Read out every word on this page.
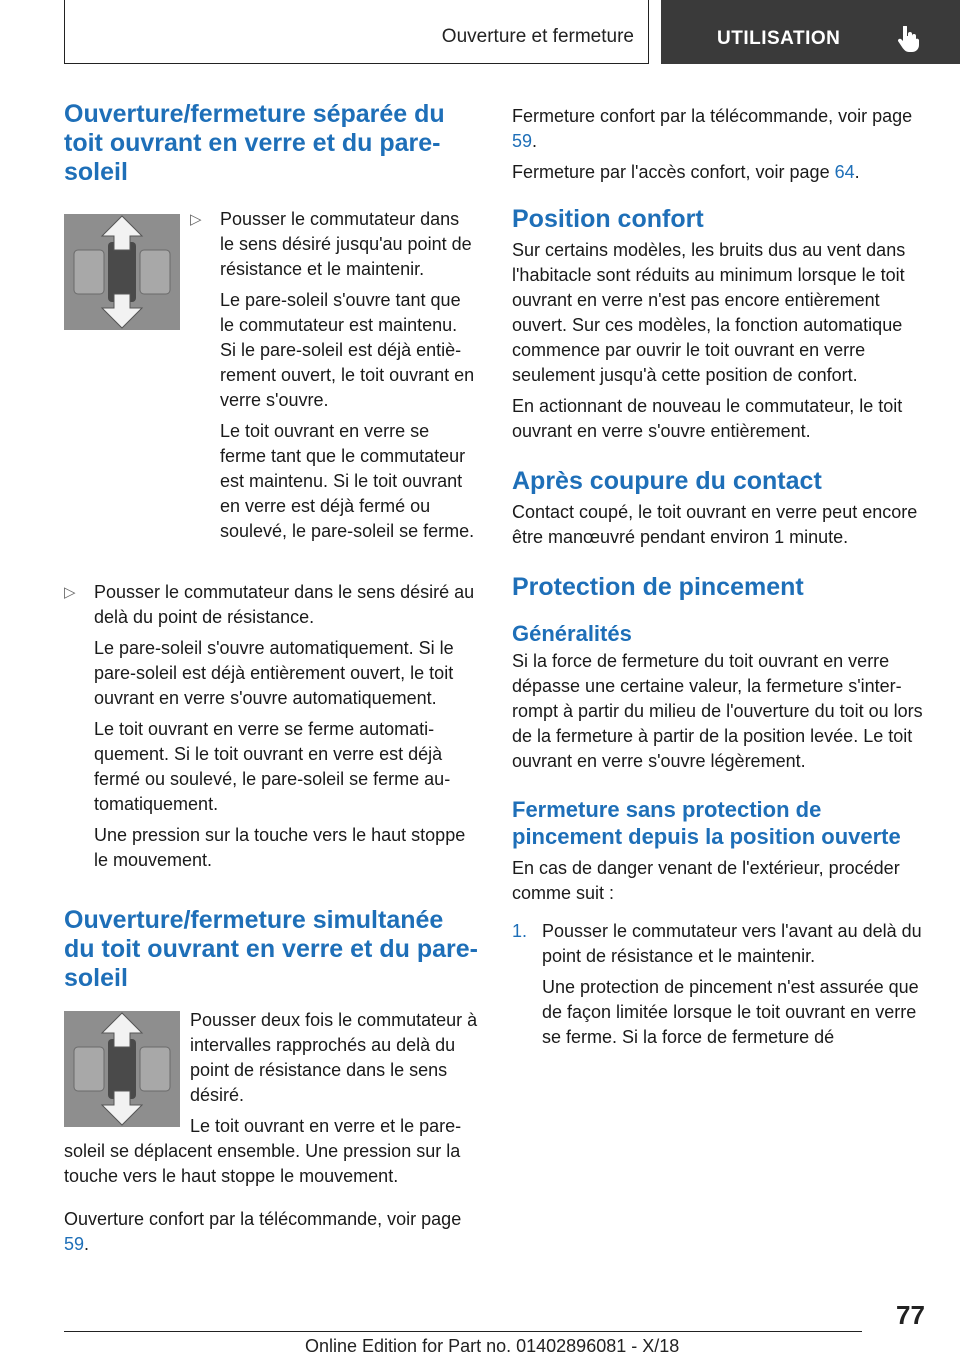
Ouverture et fermeture	UTILISATION
Ouverture/fermeture séparée du toit ouvrant en verre et du pare-soleil
▷ Pousser le commutateur dans le sens désiré jusqu'au point de résistance et le maintenir.

Le pare-soleil s'ouvre tant que le commutateur est maintenu. Si le pare-soleil est déjà entièrement ouvert, le toit ouvrant en verre s'ouvre.

Le toit ouvrant en verre se ferme tant que le commutateur est maintenu. Si le toit ouvrant en verre est déjà fermé ou soulevé, le pare-soleil se ferme.

▷ Pousser le commutateur dans le sens désiré au delà du point de résistance.

Le pare-soleil s'ouvre automatiquement. Si le pare-soleil est déjà entièrement ouvert, le toit ouvrant en verre s'ouvre automatiquement.

Le toit ouvrant en verre se ferme automatiquement. Si le toit ouvrant en verre est déjà fermé ou soulevé, le pare-soleil se ferme automatiquement.

Une pression sur la touche vers le haut stoppe le mouvement.

Ouverture/fermeture simultanée du toit ouvrant en verre et du pare-soleil

Pousser deux fois le commutateur à intervalles rapprochés au delà du point de résistance dans le sens désiré.

Le toit ouvrant en verre et le pare-soleil se déplacent ensemble. Une pression sur la touche vers le haut stoppe le mouvement.

Ouverture confort par la télécommande, voir page 59.

Fermeture confort par la télécommande, voir page 59.

Fermeture par l'accès confort, voir page 64.

Position confort

Sur certains modèles, les bruits dus au vent dans l'habitacle sont réduits au minimum lorsque le toit ouvrant en verre n'est pas encore entièrement ouvert. Sur ces modèles, la fonction automatique commence par ouvrir le toit ouvrant en verre seulement jusqu'à cette position de confort.

En actionnant de nouveau le commutateur, le toit ouvrant en verre s'ouvre entièrement.

Après coupure du contact

Contact coupé, le toit ouvrant en verre peut encore être manœuvré pendant environ 1 minute.

Protection de pincement
Généralités

Si la force de fermeture du toit ouvrant en verre dépasse une certaine valeur, la fermeture s'interrompt à partir du milieu de l'ouverture du toit ou lors de la fermeture à partir de la position levée. Le toit ouvrant en verre s'ouvre légèrement.

Fermeture sans protection de pincement depuis la position ouverte

En cas de danger venant de l'extérieur, procéder comme suit :

1. Pousser le commutateur vers l'avant au delà du point de résistance et le maintenir.

Une protection de pincement n'est assurée que de façon limitée lorsque le toit ouvrant en verre se ferme. Si la force de fermeture dé

77
Online Edition for Part no. 01402896081 - X/18
